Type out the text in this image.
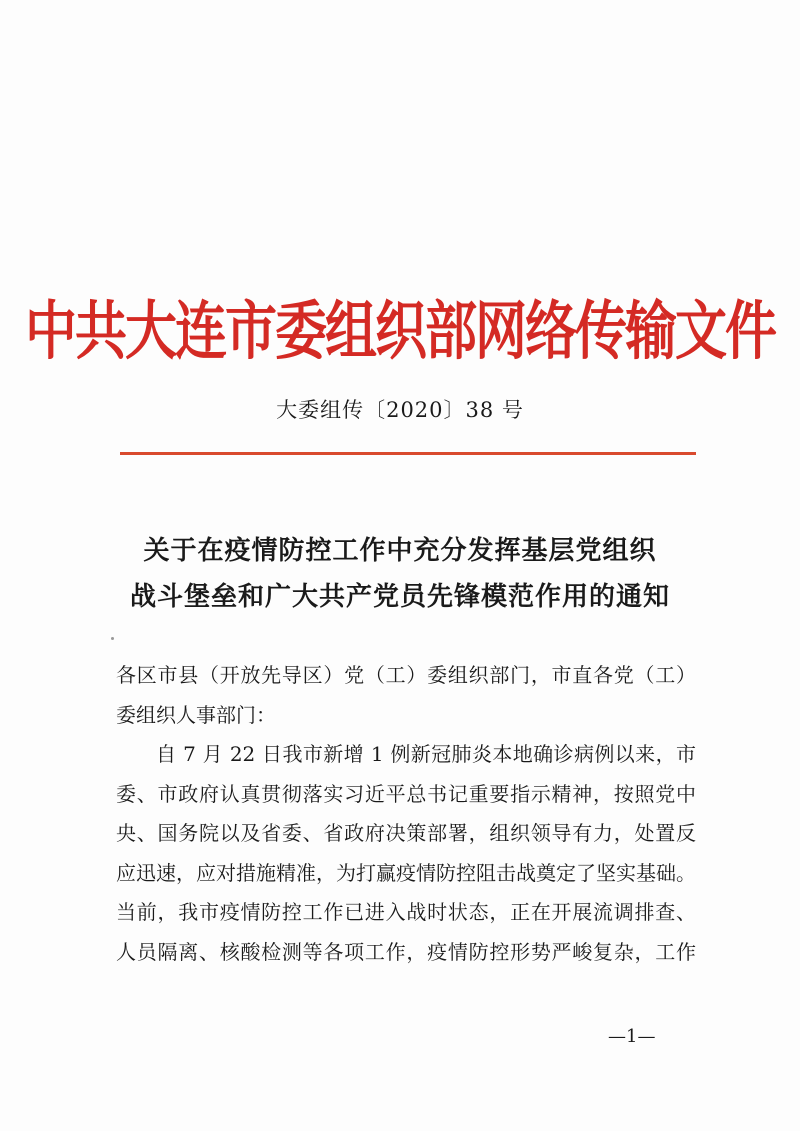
中共大连市委组织部网络传输文件
大委组传〔2020〕38 号
关于在疫情防控工作中充分发挥基层党组织
战斗堡垒和广大共产党员先锋模范作用的通知
各区市县（开放先导区）党（工）委组织部门，市直各党（工）
委组织人事部门：
自 7 月 22 日我市新增 1 例新冠肺炎本地确诊病例以来，市
委、市政府认真贯彻落实习近平总书记重要指示精神，按照党中
央、国务院以及省委、省政府决策部署，组织领导有力，处置反
应迅速，应对措施精准，为打赢疫情防控阻击战奠定了坚实基础。
当前，我市疫情防控工作已进入战时状态，正在开展流调排查、
人员隔离、核酸检测等各项工作，疫情防控形势严峻复杂，工作
—1—
